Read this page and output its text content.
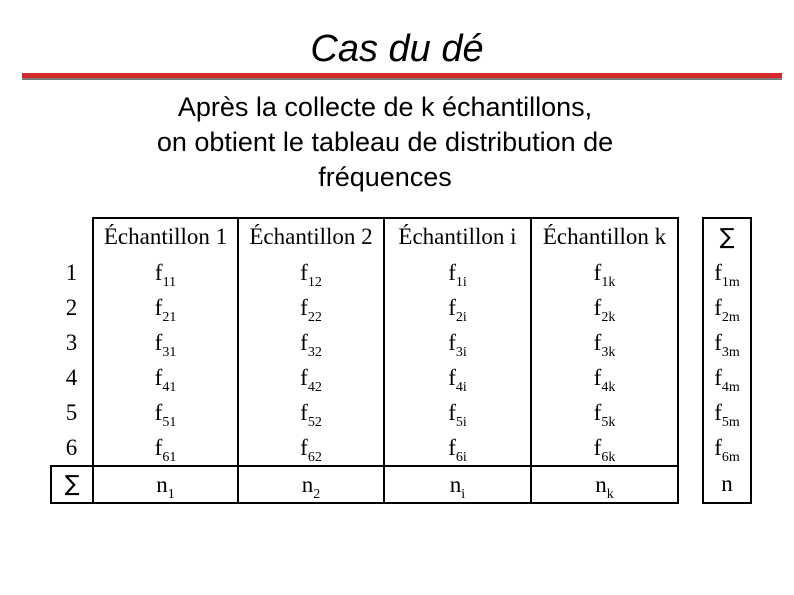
Cas du dé
Après la collecte de k échantillons,
on obtient le tableau de distribution de
fréquences
	Échantillon 1	Échantillon 2	Échantillon i	Échantillon k		∑
1	$f_{11}$	$f_{12}$	$f_{1i}$	$f_{1k}$		$f_{1m}$
2	$f_{21}$	$f_{22}$	$f_{2i}$	$f_{2k}$		$f_{2m}$
3	$f_{31}$	$f_{32}$	$f_{3i}$	$f_{3k}$		$f_{3m}$
4	$f_{41}$	$f_{42}$	$f_{4i}$	$f_{4k}$		$f_{4m}$
5	$f_{51}$	$f_{52}$	$f_{5i}$	$f_{5k}$		$f_{5m}$
6	$f_{61}$	$f_{62}$	$f_{6i}$	$f_{6k}$		$f_{6m}$
∑	$n_1$	$n_2$	$n_i$	$n_k$		n
